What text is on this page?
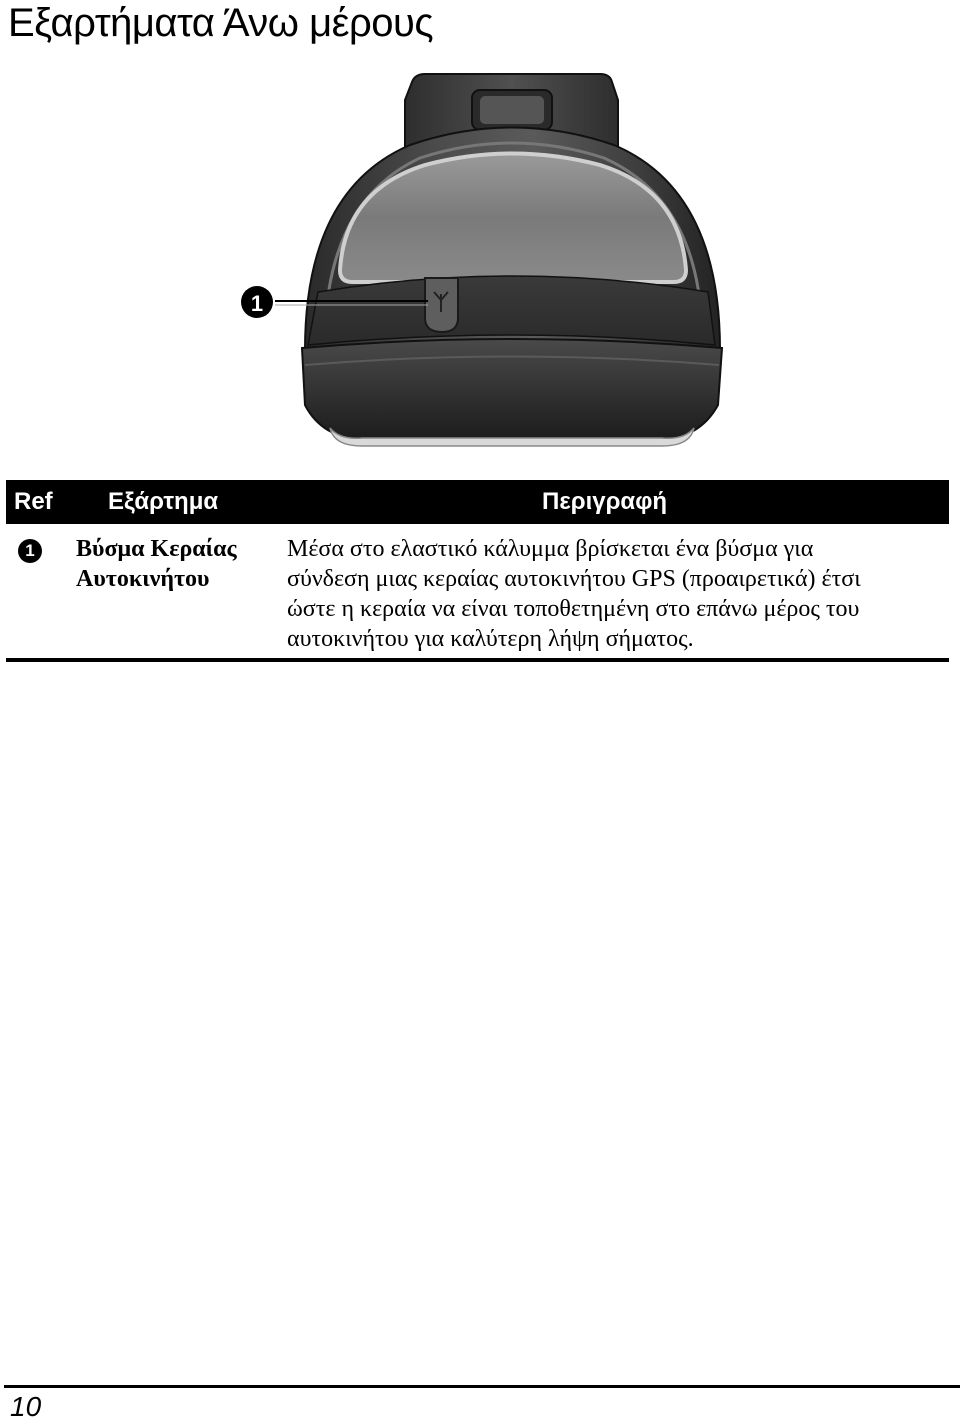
Εξαρτήματα Άνω μέρους
1
Ref Εξάρτημα	Περιγραφή
1	Βύσμα Κεραίας
Αυτοκινήτου
Μέσα στο ελαστικό κάλυμμα βρίσκεται ένα βύσμα για
σύνδεση μιας κεραίας αυτοκινήτου GPS (προαιρετικά) έτσι
ώστε η κεραία να είναι τοποθετημένη στο επάνω μέρος του
αυτοκινήτου για καλύτερη λήψη σήματος.
10
